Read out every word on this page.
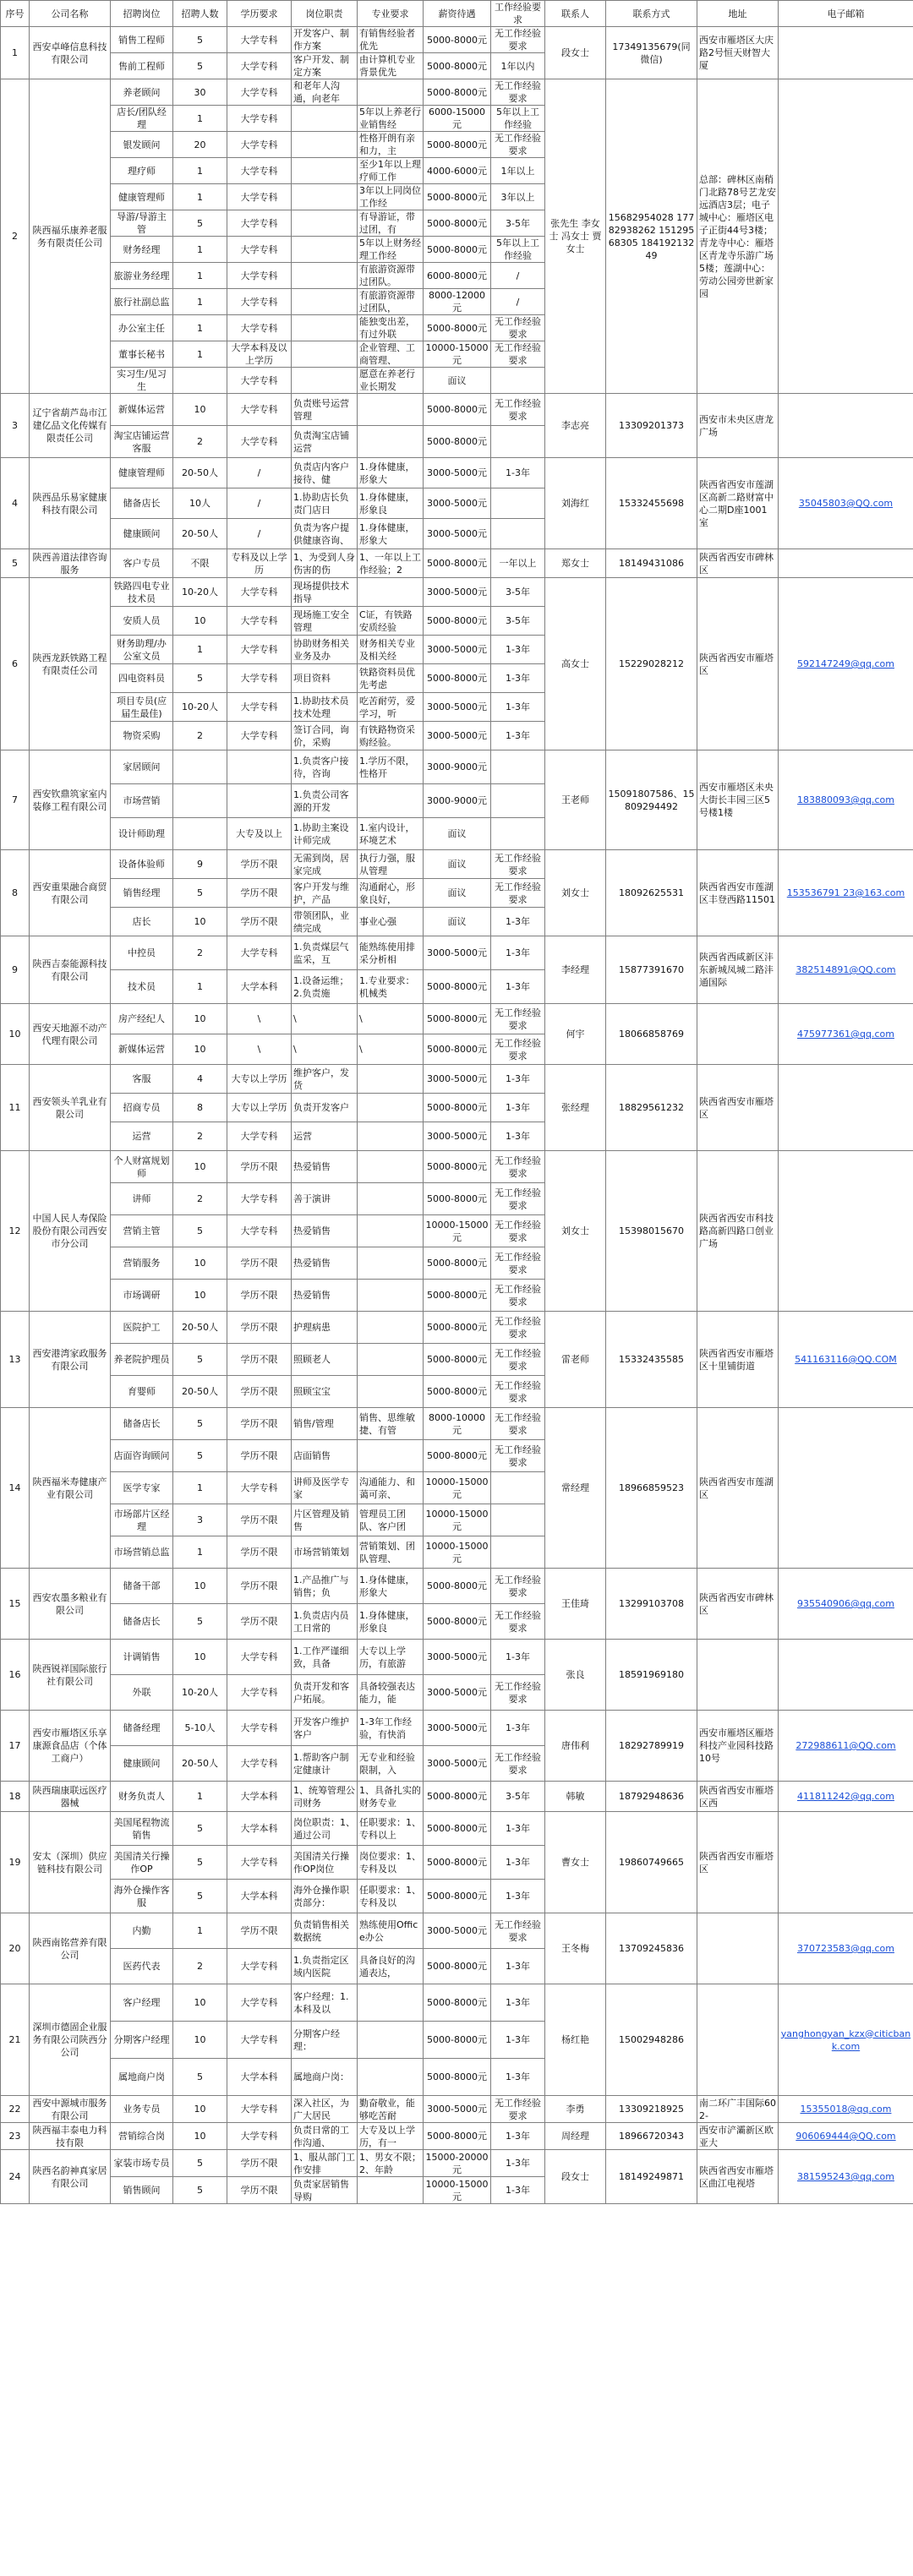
序号	公司名称	招聘岗位	招聘人数	学历要求	岗位职责	专业要求	薪资待遇	工作经验要求	联系人	联系方式	地址	电子邮箱
1	西安卓峰信息科技有限公司	销售工程师	5	大学专科	开发客户、制作方案	有销售经验者优先	5000-8000元	无工作经验要求	段女士	17349135679(同微信)	西安市雁塔区大庆路2号恒天财智大厦	
		售前工程师	5	大学专科	客户开发、制定方案	由计算机专业背景优先	5000-8000元	1年以内				
2	陕西福乐康养老服务有限责任公司	养老顾问	30	大学专科	和老年人沟通，向老年		5000-8000元	无工作经验要求	张先生 李女士 冯女士 贾女士	15682954028 17782938262 15129568305 18419213249	总部：碑林区南稍门北路78号艺龙安远酒店3层；电子城中心：雁塔区电子正街44号3楼；青龙寺中心：雁塔区青龙寺乐游广场5楼；莲湖中心：劳动公园旁世新家园	
		店长/团队经理	1	大学专科		5年以上养老行业销售经	6000-15000元	5年以上工作经验				
		银发顾问	20	大学专科		性格开朗有亲和力，主	5000-8000元	无工作经验要求				
		理疗师	1	大学专科		至少1年以上理疗师工作	4000-6000元	1年以上				
		健康管理师	1	大学专科		3年以上同岗位工作经	5000-8000元	3年以上				
		导游/导游主管	5	大学专科		有导游证，带过团，有	5000-8000元	3-5年				
		财务经理	1	大学专科		5年以上财务经理工作经	5000-8000元	5年以上工作经验				
		旅游业务经理	1	大学专科		有旅游资源带过团队。	6000-8000元	/				
		旅行社副总监	1	大学专科		有旅游资源带过团队，	8000-12000元	/				
		办公室主任	1	大学专科		能独变出差，有过外联	5000-8000元	无工作经验要求				
		董事长秘书	1	大学本科及以上学历		企业管理、工商管理、	10000-15000元	无工作经验要求				
		实习生/见习生		大学专科		愿意在养老行业长期发	面议					
3	辽宁省葫芦岛市江建亿品文化传媒有限责任公司	新媒体运营	10	大学专科	负责账号运营管理		5000-8000元	无工作经验要求	李志亮	13309201373	西安市未央区唐龙广场	
		淘宝店铺运营客服	2	大学专科	负责淘宝店铺运营		5000-8000元					
4	陕西品乐易家健康科技有限公司	健康管理师	20-50人	/	负责店内客户接待、健	1.身体健康，形象大	3000-5000元	1-3年	刘海红	15332455698	陕西省西安市莲湖区高新二路财富中心二期D座1001室	35045803@QQ.com
		储备店长	10人	/	1.协助店长负责门店日	1.身体健康，形象良	3000-5000元					
		健康顾问	20-50人	/	负责为客户提供健康咨询、	1.身体健康，形象大	3000-5000元					
5	陕西善道法律咨询服务	客户专员	不限	专科及以上学历	1、为受到人身伤害的伤	1、一年以上工作经验；2	5000-8000元	一年以上	郑女士	18149431086	陕西省西安市碑林区	
6	陕西龙跃铁路工程有限责任公司	铁路四电专业技术员	10-20人	大学专科	现场提供技术指导		3000-5000元	3-5年	高女士	15229028212	陕西省西安市雁塔区	592147249@qq.com
		安质人员	10	大学专科	现场施工安全管理	C证，有铁路安质经验	5000-8000元	3-5年				
		财务助理/办公室文员	1	大学专科	协助财务相关业务及办	财务相关专业及相关经	3000-5000元	1-3年				
		四电资料员	5	大学专科	项目资料	铁路资料员优先考虑	5000-8000元	1-3年				
		项目专员(应届生最佳)	10-20人	大学专科	1.协助技术员技术处理	吃苦耐劳，爱学习，听	3000-5000元	1-3年				
		物资采购	2	大学专科	签订合同，询价，采购	有铁路物资采购经验。	3000-5000元	1-3年				
7	西安钦鼎筑家室内装修工程有限公司	家居顾问			1.负责客户接待，咨询	1.学历不限，性格开	3000-9000元		王老师	15091807586、15809294492	西安市雁塔区未央大街长丰园三区5号楼1楼	183880093@qq.com
		市场营销			1.负责公司客源的开发		3000-9000元					
		设计师助理		大专及以上	1.协助主案设计师完成	1.室内设计，环境艺术	面议					
8	西安重果融合商贸有限公司	设备体验师	9	学历不限	无需到岗，居家完成	执行力强，服从管理	面议	无工作经验要求	刘女士	18092625531	陕西省西安市莲湖区丰登西路11501	153536791 23@163.com
		销售经理	5	学历不限	客户开发与维护，产品	沟通耐心，形象良好，	面议	无工作经验要求				
		店长	10	学历不限	带领团队，业绩完成	事业心强	面议	1-3年				
9	陕西吉泰能源科技有限公司	中控员	2	大学专科	1.负责煤层气监采，互	能熟练使用排采分析相	3000-5000元	1-3年	李经理	15877391670	陕西省西咸新区沣东新城凤城二路沣通国际	382514891@QQ.com
		技术员	1	大学本科	1.设备运维；2.负责施	1.专业要求：机械类	5000-8000元	1-3年				
10	西安天地源不动产代理有限公司	房产经纪人	10	\	\	\	5000-8000元	无工作经验要求	何宇	18066858769		475977361@qq.com
		新媒体运营	10	\	\	\	5000-8000元	无工作经验要求				
11	西安领头羊乳业有限公司	客服	4	大专以上学历	维护客户，发货		3000-5000元	1-3年	张经理	18829561232	陕西省西安市雁塔区	
		招商专员	8	大专以上学历	负责开发客户		5000-8000元	1-3年				
		运营	2	大学专科	运营		3000-5000元	1-3年				
12	中国人民人寿保险股份有限公司西安市分公司	个人财富规划师	10	学历不限	热爱销售		5000-8000元	无工作经验要求	刘女士	15398015670	陕西省西安市科技路高新四路口创业广场	
		讲师	2	大学专科	善于演讲		5000-8000元	无工作经验要求				
		营销主管	5	大学专科	热爱销售		10000-15000元	无工作经验要求				
		营销服务	10	学历不限	热爱销售		5000-8000元	无工作经验要求				
		市场调研	10	学历不限	热爱销售		5000-8000元	无工作经验要求				
13	西安港湾家政服务有限公司	医院护工	20-50人	学历不限	护理病患		5000-8000元	无工作经验要求	雷老师	15332435585	陕西省西安市雁塔区十里铺街道	541163116@QQ.COM
		养老院护理员	5	学历不限	照顾老人		5000-8000元	无工作经验要求				
		育婴师	20-50人	学历不限	照顾宝宝		5000-8000元	无工作经验要求				
14	陕西福米寿健康产业有限公司	储备店长	5	学历不限	销售/管理	销售、思维敏捷、有管	8000-10000元	无工作经验要求	常经理	18966859523	陕西省西安市莲湖区	
		店面咨询顾问	5	学历不限	店面销售		5000-8000元	无工作经验要求				
		医学专家	1	大学专科	讲师及医学专家	沟通能力、和蔼可亲、	10000-15000元					
		市场部片区经理	3	学历不限	片区管理及销售	管理员工团队、客户团	10000-15000元					
		市场营销总监	1	学历不限	市场营销策划	营销策划、团队管理、	10000-15000元					
15	西安农墨多粮业有限公司	储备干部	10	学历不限	1.产品推广与销售；负	1.身体健康，形象大	5000-8000元	无工作经验要求	王佳琦	13299103708	陕西省西安市碑林区	935540906@qq.com
		储备店长	5	学历不限	1.负责店内员工日常的	1.身体健康，形象良	5000-8000元	无工作经验要求				
16	陕西锐祥国际旅行社有限公司	计调销售	10	大学专科	1.工作严谨细致，具备	大专以上学历，有旅游	3000-5000元	1-3年	张良	18591969180		
		外联	10-20人	大学专科	负责开发和客户拓展。	具备较强表达能力，能	3000-5000元	无工作经验要求				
17	西安市雁塔区乐享康源食品店（个体工商户）	储备经理	5-10人	大学专科	开发客户维护客户	1-3年工作经验，有快消	3000-5000元	1-3年	唐伟利	18292789919	西安市雁塔区雁塔科技产业园科技路10号	272988611@QQ.com
		健康顾问	20-50人	大学专科	1.帮助客户制定健康计	无专业和经验限制，入	3000-5000元	无工作经验要求				
18	陕西瑞康联远医疗器械	财务负责人	1	大学本科	1、统筹管理公司财务	1、具备扎实的财务专业	5000-8000元	3-5年	韩敏	18792948636	陕西省西安市雁塔区西	411811242@qq.com
19	安太（深圳）供应链科技有限公司	美国尾程物流销售	5	大学本科	岗位职责：1、通过公司	任职要求：1、专科以上	5000-8000元	1-3年	曹女士	19860749665	陕西省西安市雁塔区	
		美国清关行操作OP	5	大学专科	美国清关行操作OP岗位	岗位要求：1、专科及以	5000-8000元	1-3年				
		海外仓操作客服	5	大学本科	海外仓操作职责部分：	任职要求：1、专科及以	5000-8000元	1-3年				
20	陕西南铭营养有限公司	内勤	1	学历不限	负责销售相关数据统	熟练使用Office办公	3000-5000元	无工作经验要求	王冬梅	13709245836		370723583@qq.com
		医药代表	2	大学专科	1.负责指定区域内医院	具备良好的沟通表达，	5000-8000元	1-3年				
21	深圳市德固企业服务有限公司陕西分公司	客户经理	10	大学专科	客户经理：1.本科及以		5000-8000元	1-3年	杨红艳	15002948286		yanghongyan_kzx@citicbank.com
		分期客户经理	10	大学专科	分期客户经理：		5000-8000元	1-3年				
		属地商户岗	5	大学本科	属地商户岗：		5000-8000元	1-3年				
22	西安中源城市服务有限公司	业务专员	10	大学专科	深入社区，为广大居民	勤奋敬业，能够吃苦耐	3000-5000元	无工作经验要求	李勇	13309218925	南二环广丰国际602-	15355018@qq.com
23	陕西福丰泰电力科技有限	营销综合岗	10	大学专科	负责日常的工作沟通、	大专及以上学历，有一	5000-8000元	1-3年	周经理	18966720343	西安市浐灞新区欧亚大	906069444@QQ.com
24	陕西名韵神真家居有限公司	家装市场专员	5	学历不限	1、服从部门工作安排	1、男女不限；2、年龄	15000-20000元	1-3年	段女士	18149249871	陕西省西安市雁塔区曲江电视塔	381595243@qq.com
		销售顾问	5	学历不限	负责家居销售导购		10000-15000元	1-3年				
